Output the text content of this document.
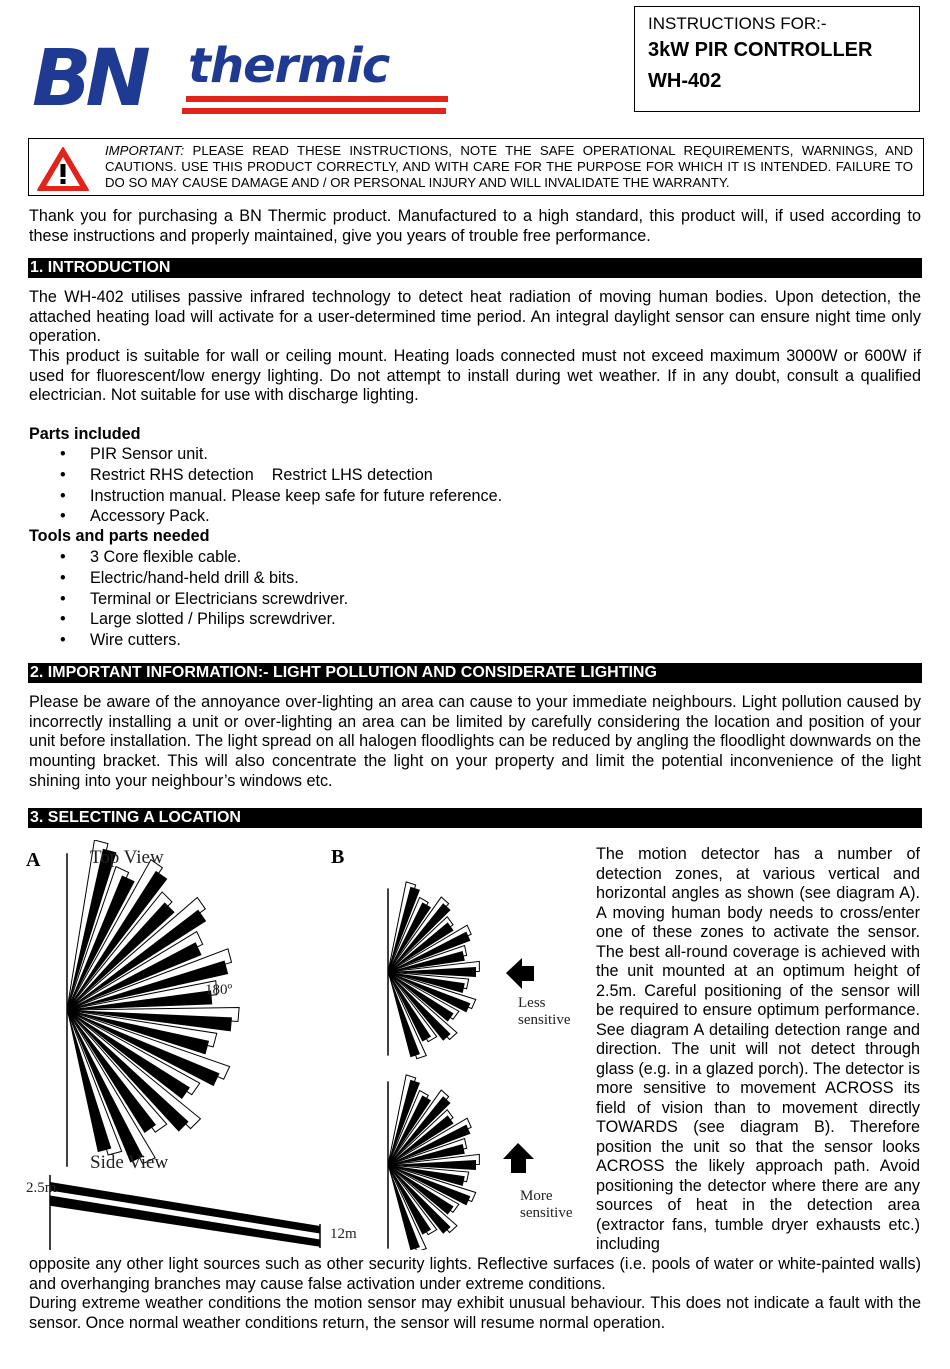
BN thermic
INSTRUCTIONS FOR:-
3kW PIR CONTROLLER
WH-402
IMPORTANT: PLEASE READ THESE INSTRUCTIONS, NOTE THE SAFE OPERATIONAL REQUIREMENTS, WARNINGS, AND CAUTIONS. USE THIS PRODUCT CORRECTLY, AND WITH CARE FOR THE PURPOSE FOR WHICH IT IS INTENDED. FAILURE TO DO SO MAY CAUSE DAMAGE AND / OR PERSONAL INJURY AND WILL INVALIDATE THE WARRANTY.
Thank you for purchasing a BN Thermic product. Manufactured to a high standard, this product will, if used according to these instructions and properly maintained, give you years of trouble free performance.
1. INTRODUCTION
The WH-402 utilises passive infrared technology to detect heat radiation of moving human bodies. Upon detection, the attached heating load will activate for a user-determined time period. An integral daylight sensor can ensure night time only operation.
This product is suitable for wall or ceiling mount. Heating loads connected must not exceed maximum 3000W or 600W if used for fluorescent/low energy lighting. Do not attempt to install during wet weather. If in any doubt, consult a qualified electrician. Not suitable for use with discharge lighting.
Parts included
• PIR Sensor unit.
• Restrict RHS detection Restrict LHS detection
• Instruction manual. Please keep safe for future reference.
• Accessory Pack.
Tools and parts needed
• 3 Core flexible cable.
• Electric/hand-held drill & bits.
• Terminal or Electricians screwdriver.
• Large slotted / Philips screwdriver.
• Wire cutters.
2. IMPORTANT INFORMATION:- LIGHT POLLUTION AND CONSIDERATE LIGHTING
Please be aware of the annoyance over-lighting an area can cause to your immediate neighbours. Light pollution caused by incorrectly installing a unit or over-lighting an area can be limited by carefully considering the location and position of your unit before installation. The light spread on all halogen floodlights can be reduced by angling the floodlight downwards on the mounting bracket. This will also concentrate the light on your property and limit the potential inconvenience of the light shining into your neighbour’s windows etc.
3. SELECTING A LOCATION
A	B
Top View
Side View
180º
2.5m
12m
Less
sensitive
More
sensitive
The motion detector has a number of detection zones, at various vertical and horizontal angles as shown (see diagram A). A moving human body needs to cross/enter one of these zones to activate the sensor. The best all-round coverage is achieved with the unit mounted at an optimum height of 2.5m. Careful positioning of the sensor will be required to ensure optimum performance. See diagram A detailing detection range and direction. The unit will not detect through glass (e.g. in a glazed porch). The detector is more sensitive to movement ACROSS its field of vision than to movement directly TOWARDS (see diagram B). Therefore position the unit so that the sensor looks ACROSS the likely approach path. Avoid positioning the detector where there are any sources of heat in the detection area (extractor fans, tumble dryer exhausts etc.) including
opposite any other light sources such as other security lights. Reflective surfaces (i.e. pools of water or white-painted walls) and overhanging branches may cause false activation under extreme conditions.
During extreme weather conditions the motion sensor may exhibit unusual behaviour. This does not indicate a fault with the sensor. Once normal weather conditions return, the sensor will resume normal operation.
